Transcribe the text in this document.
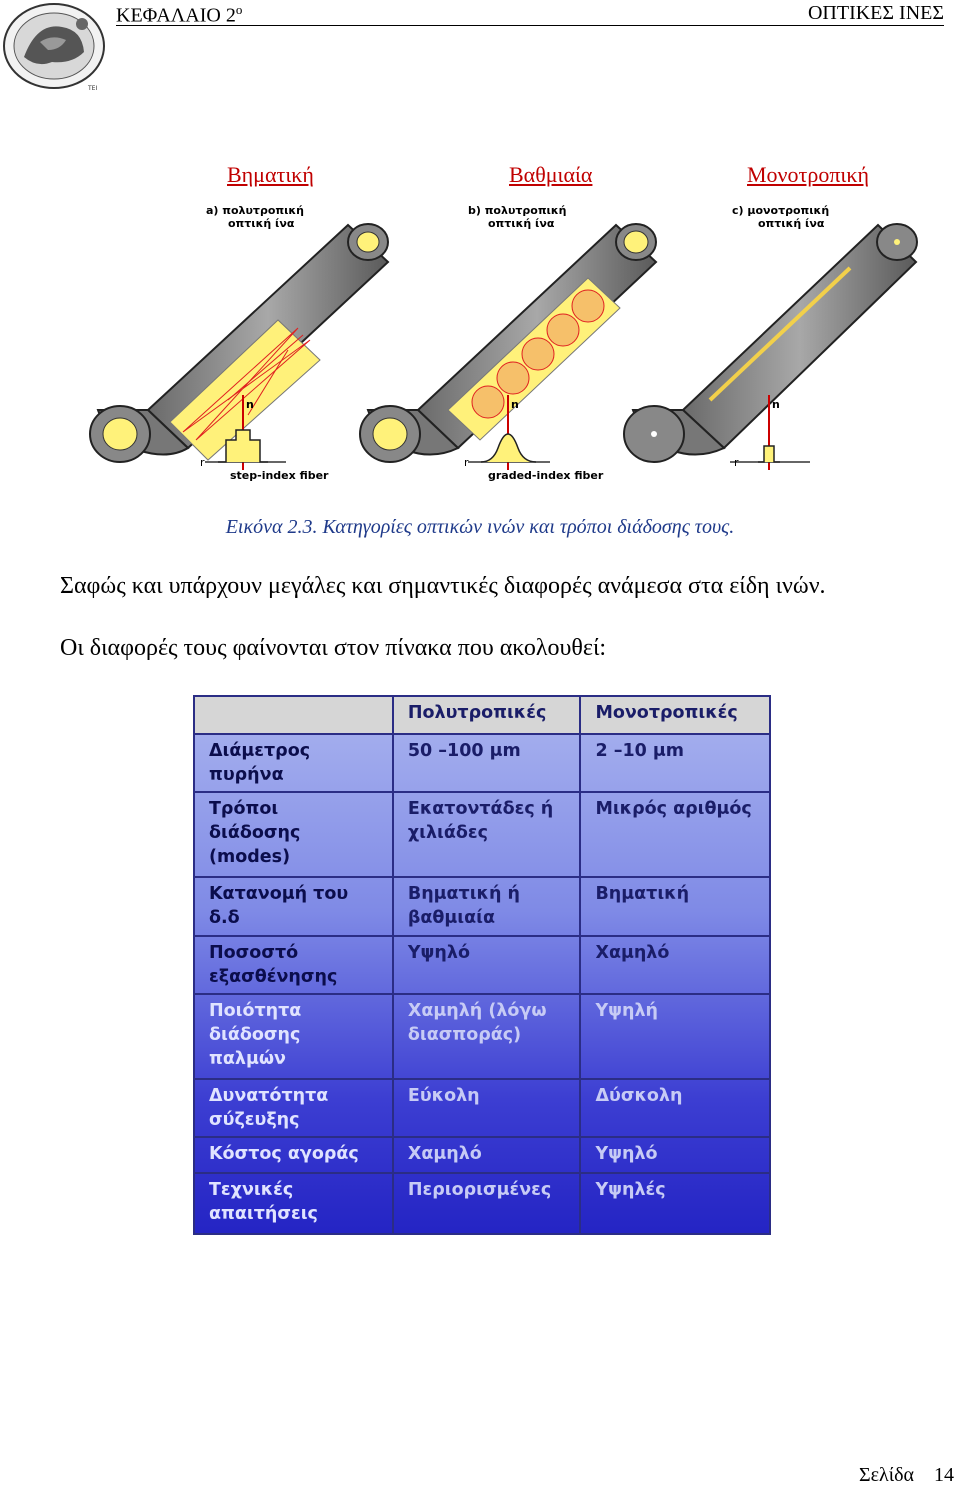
TEI
ΚΕΦΑΛΑΙΟ $2^o$	ΟΠΤΙΚΕΣ ΙΝΕΣ
Βηματική	Βαθμιαία	Μονοτροπική
a) πολυτροπική
οπτική ίνα
n
r
step-index fiber
b) πολυτροπική
οπτική ίνα
n
r
graded-index fiber
c) μονοτροπική
οπτική ίνα
n
r
Εικόνα 2.3. Κατηγορίες οπτικών ινών και τρόποι διάδοσης τους.
Σαφώς και υπάρχουν μεγάλες και σημαντικές διαφορές ανάμεσα στα είδη ινών.
Οι διαφορές τους φαίνονται στον πίνακα που ακολουθεί:
	Πολυτροπικές	Μονοτροπικές
Διάμετρος
πυρήνα	50 –100 μm	2 –10 μm
Τρόποι
διάδοσης
(modes)	Εκατοντάδες ή
χιλιάδες	Μικρός αριθμός
Κατανομή του
δ.δ	Βηματική ή
βαθμιαία	Βηματική
Ποσοστό
εξασθένησης	Υψηλό	Χαμηλό
Ποιότητα
διάδοσης
παλμών	Χαμηλή (λόγω
διασποράς)	Υψηλή
Δυνατότητα
σύζευξης	Εύκολη	Δύσκολη
Κόστος αγοράς	Χαμηλό	Υψηλό
Τεχνικές
απαιτήσεις	Περιορισμένες	Υψηλές
Σελίδα 14
